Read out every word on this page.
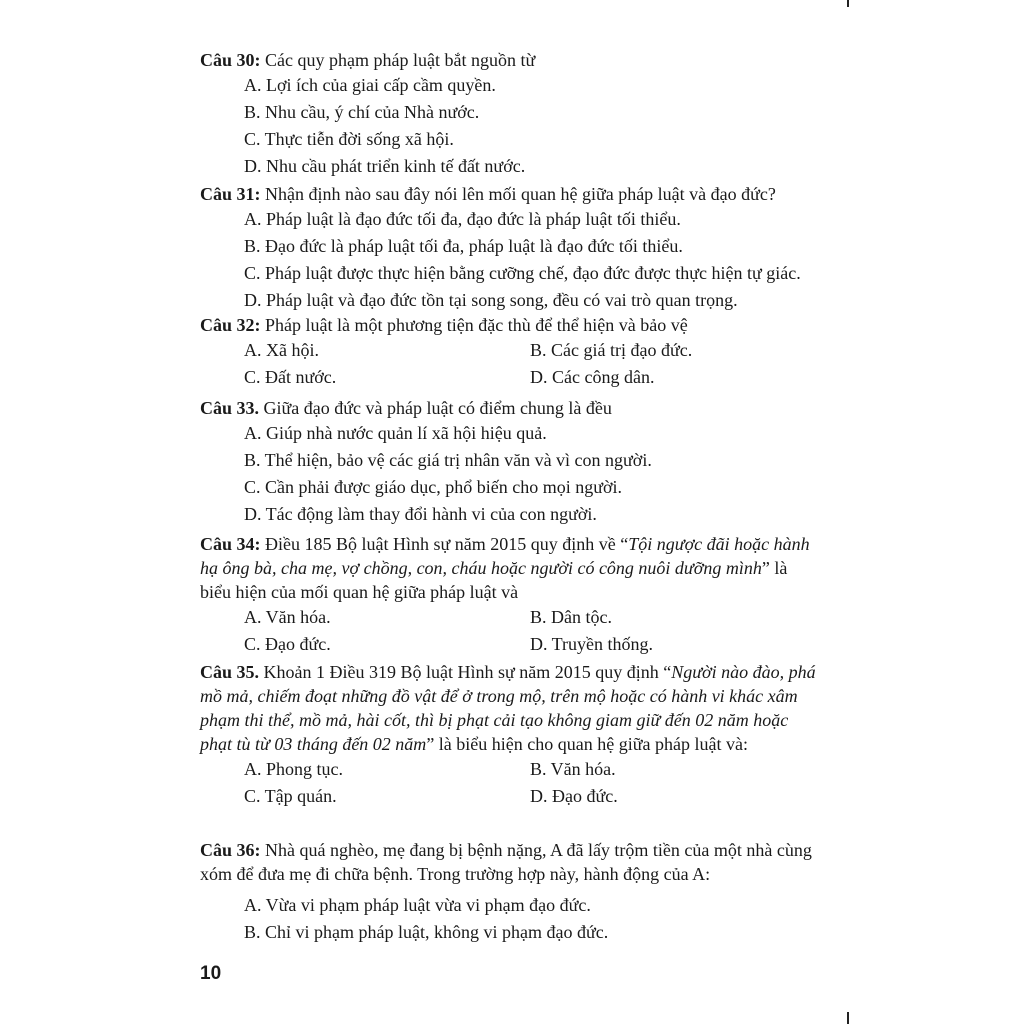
Câu 30: Các quy phạm pháp luật bắt nguồn từ

A. Lợi ích của giai cấp cầm quyền.

B. Nhu cầu, ý chí của Nhà nước.

C. Thực tiễn đời sống xã hội.

D. Nhu cầu phát triển kinh tế đất nước.

Câu 31: Nhận định nào sau đây nói lên mối quan hệ giữa pháp luật và đạo đức?

A. Pháp luật là đạo đức tối đa, đạo đức là pháp luật tối thiểu.

B. Đạo đức là pháp luật tối đa, pháp luật là đạo đức tối thiểu.

C. Pháp luật được thực hiện bằng cưỡng chế, đạo đức được thực hiện tự giác.

D. Pháp luật và đạo đức tồn tại song song, đều có vai trò quan trọng.

Câu 32: Pháp luật là một phương tiện đặc thù để thể hiện và bảo vệ

A. Xã hội.	B. Các giá trị đạo đức.

C. Đất nước.	D. Các công dân.

Câu 33. Giữa đạo đức và pháp luật có điểm chung là đều

A. Giúp nhà nước quản lí xã hội hiệu quả.

B. Thể hiện, bảo vệ các giá trị nhân văn và vì con người.

C. Cần phải được giáo dục, phổ biến cho mọi người.

D. Tác động làm thay đổi hành vi của con người.

Câu 34: Điều 185 Bộ luật Hình sự năm 2015 quy định về “Tội ngược đãi hoặc hành hạ ông bà, cha mẹ, vợ chồng, con, cháu hoặc người có công nuôi dưỡng mình” là biểu hiện của mối quan hệ giữa pháp luật và

A. Văn hóa.	B. Dân tộc.

C. Đạo đức.	D. Truyền thống.

Câu 35. Khoản 1 Điều 319 Bộ luật Hình sự năm 2015 quy định “Người nào đào, phá mồ mả, chiếm đoạt những đồ vật để ở trong mộ, trên mộ hoặc có hành vi khác xâm phạm thi thể, mồ mả, hài cốt, thì bị phạt cải tạo không giam giữ đến 02 năm hoặc phạt tù từ 03 tháng đến 02 năm” là biểu hiện cho quan hệ giữa pháp luật và:

A. Phong tục.	B. Văn hóa.

C. Tập quán.	D. Đạo đức.

Câu 36: Nhà quá nghèo, mẹ đang bị bệnh nặng, A đã lấy trộm tiền của một nhà cùng xóm để đưa mẹ đi chữa bệnh. Trong trường hợp này, hành động của A:

A. Vừa vi phạm pháp luật vừa vi phạm đạo đức.

B. Chỉ vi phạm pháp luật, không vi phạm đạo đức.

10
